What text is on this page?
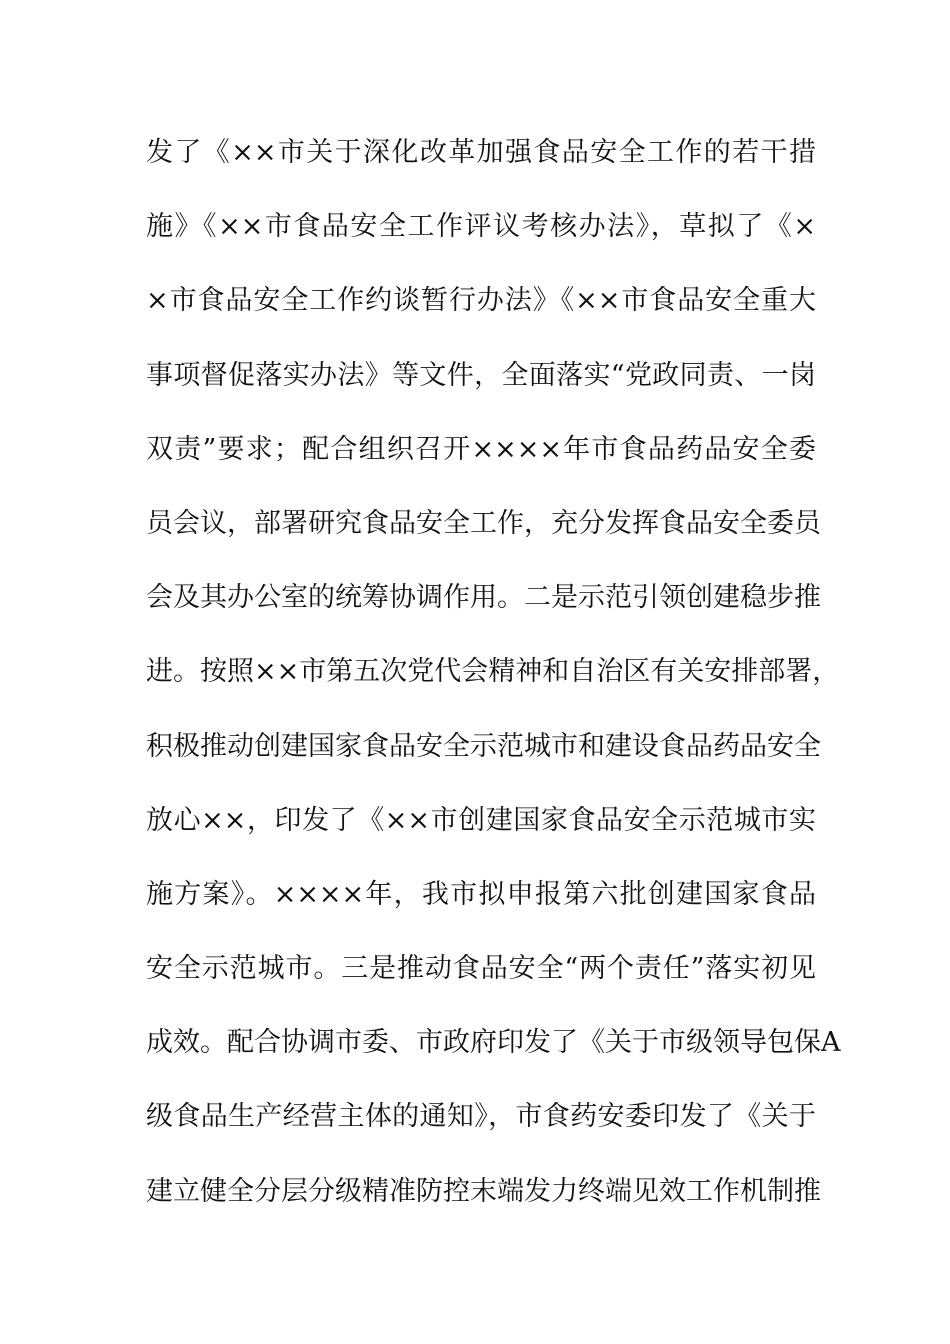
发了《××市关于深化改革加强食品安全工作的若干措
施》《××市食品安全工作评议考核办法》，草拟了《×
×市食品安全工作约谈暂行办法》《××市食品安全重大
事项督促落实办法》等文件，全面落实“党政同责、一岗
双责”要求；配合组织召开××××年市食品药品安全委
员会议，部署研究食品安全工作，充分发挥食品安全委员
会及其办公室的统筹协调作用。二是示范引领创建稳步推
进。按照××市第五次党代会精神和自治区有关安排部署，
积极推动创建国家食品安全示范城市和建设食品药品安全
放心××，印发了《××市创建国家食品安全示范城市实
施方案》。××××年，我市拟申报第六批创建国家食品
安全示范城市。三是推动食品安全“两个责任”落实初见
成效。配合协调市委、市政府印发了《关于市级领导包保A
级食品生产经营主体的通知》，市食药安委印发了《关于
建立健全分层分级精准防控末端发力终端见效工作机制推
